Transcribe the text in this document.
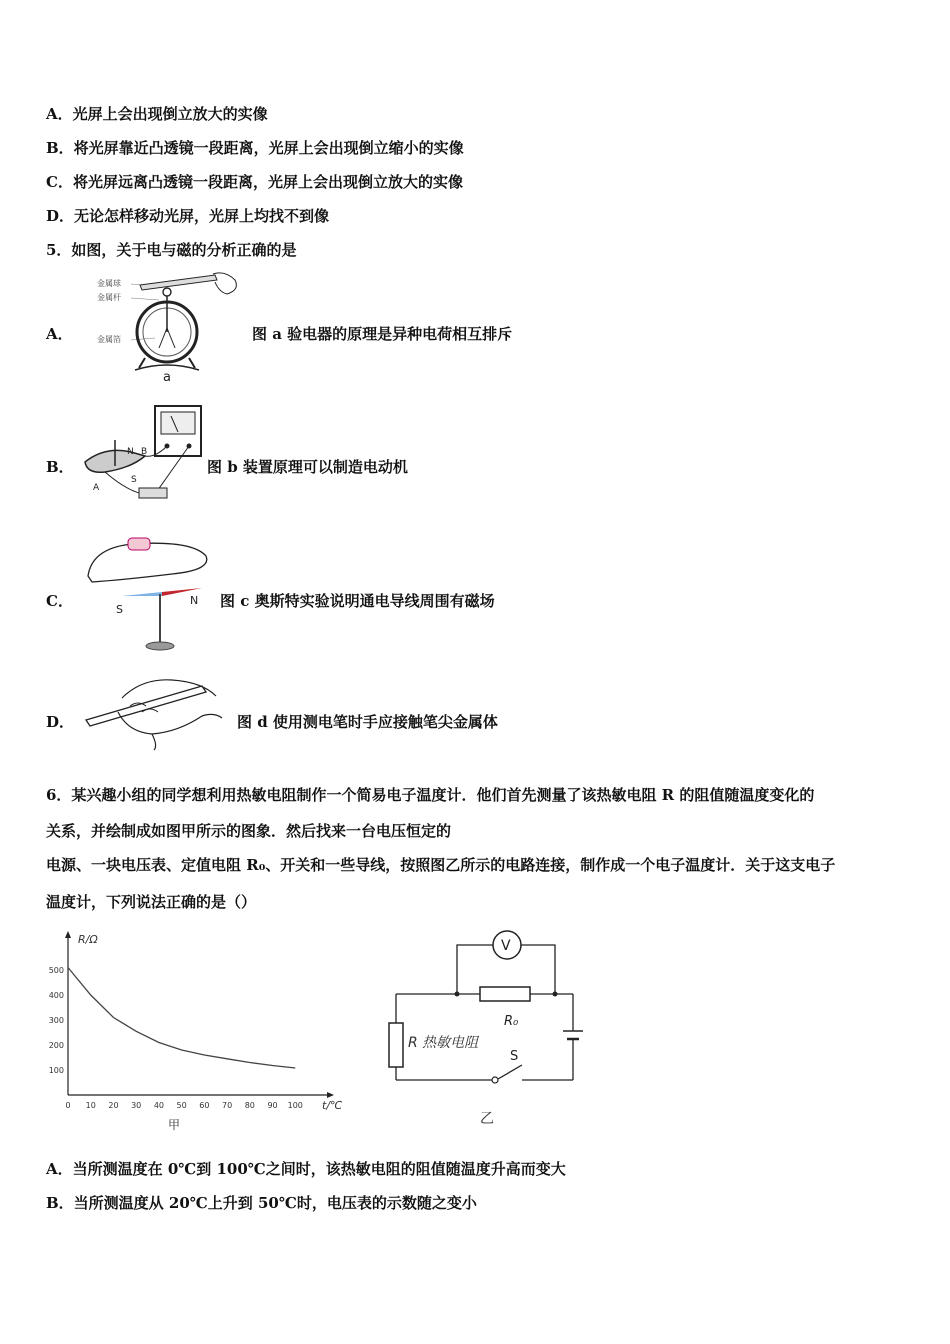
A．光屏上会出现倒立放大的实像
B．将光屏靠近凸透镜一段距离，光屏上会出现倒立缩小的实像
C．将光屏远离凸透镜一段距离，光屏上会出现倒立放大的实像
D．无论怎样移动光屏，光屏上均找不到像
5．如图，关于电与磁的分析正确的是
A．
金属球
金属杆
金属箔
a
图 a 验电器的原理是异种电荷相互排斥
B．
N B
A
S
图 b 装置原理可以制造电动机
C．	S
N 图 c 奥斯特实验说明通电导线周围有磁场
D．	图 d 使用测电笔时手应接触笔尖金属体
6．某兴趣小组的同学想利用热敏电阻制作一个简易电子温度计．他们首先测量了该热敏电阻 R 的阻值随温度变化的
关系，并绘制成如图甲所示的图象．然后找来一台电压恒定的
电源、一块电压表、定值电阻 R₀、开关和一些导线，按照图乙所示的电路连接，制作成一个电子温度计．关于这支电子
温度计，下列说法正确的是（）
R/Ω
t/℃
甲
0 10 20 30 40 50 60 70 80 90 100
100
200
300
400
500
V
R₀
R 热敏电阻
S
乙
A．当所测温度在 0℃到 100℃之间时，该热敏电阻的阻值随温度升高而变大
B．当所测温度从 20℃上升到 50℃时，电压表的示数随之变小
